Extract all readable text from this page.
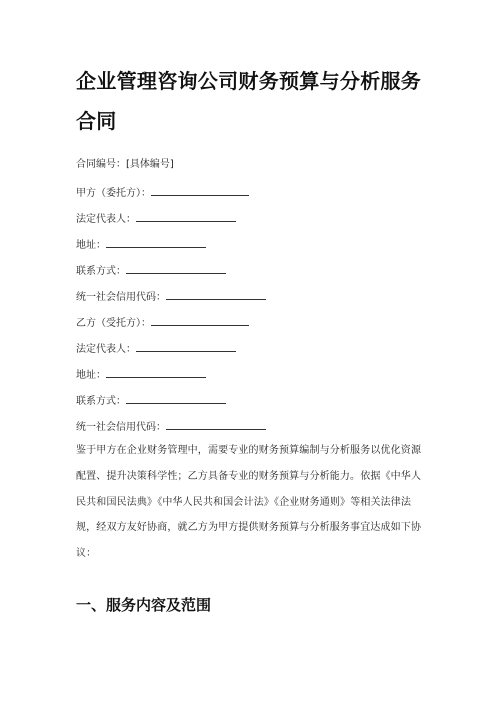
企业管理咨询公司财务预算与分析服务
合同
合同编号：[具体编号]
甲方（委托方）：
法定代表人：
地址：
联系方式：
统一社会信用代码：
乙方（受托方）：
法定代表人：
地址：
联系方式：
统一社会信用代码：
鉴于甲方在企业财务管理中，需要专业的财务预算编制与分析服务以优化资源
配置、提升决策科学性；乙方具备专业的财务预算与分析能力。依据《中华人
民共和国民法典》《中华人民共和国会计法》《企业财务通则》等相关法律法
规，经双方友好协商，就乙方为甲方提供财务预算与分析服务事宜达成如下协
议：
一、服务内容及范围
